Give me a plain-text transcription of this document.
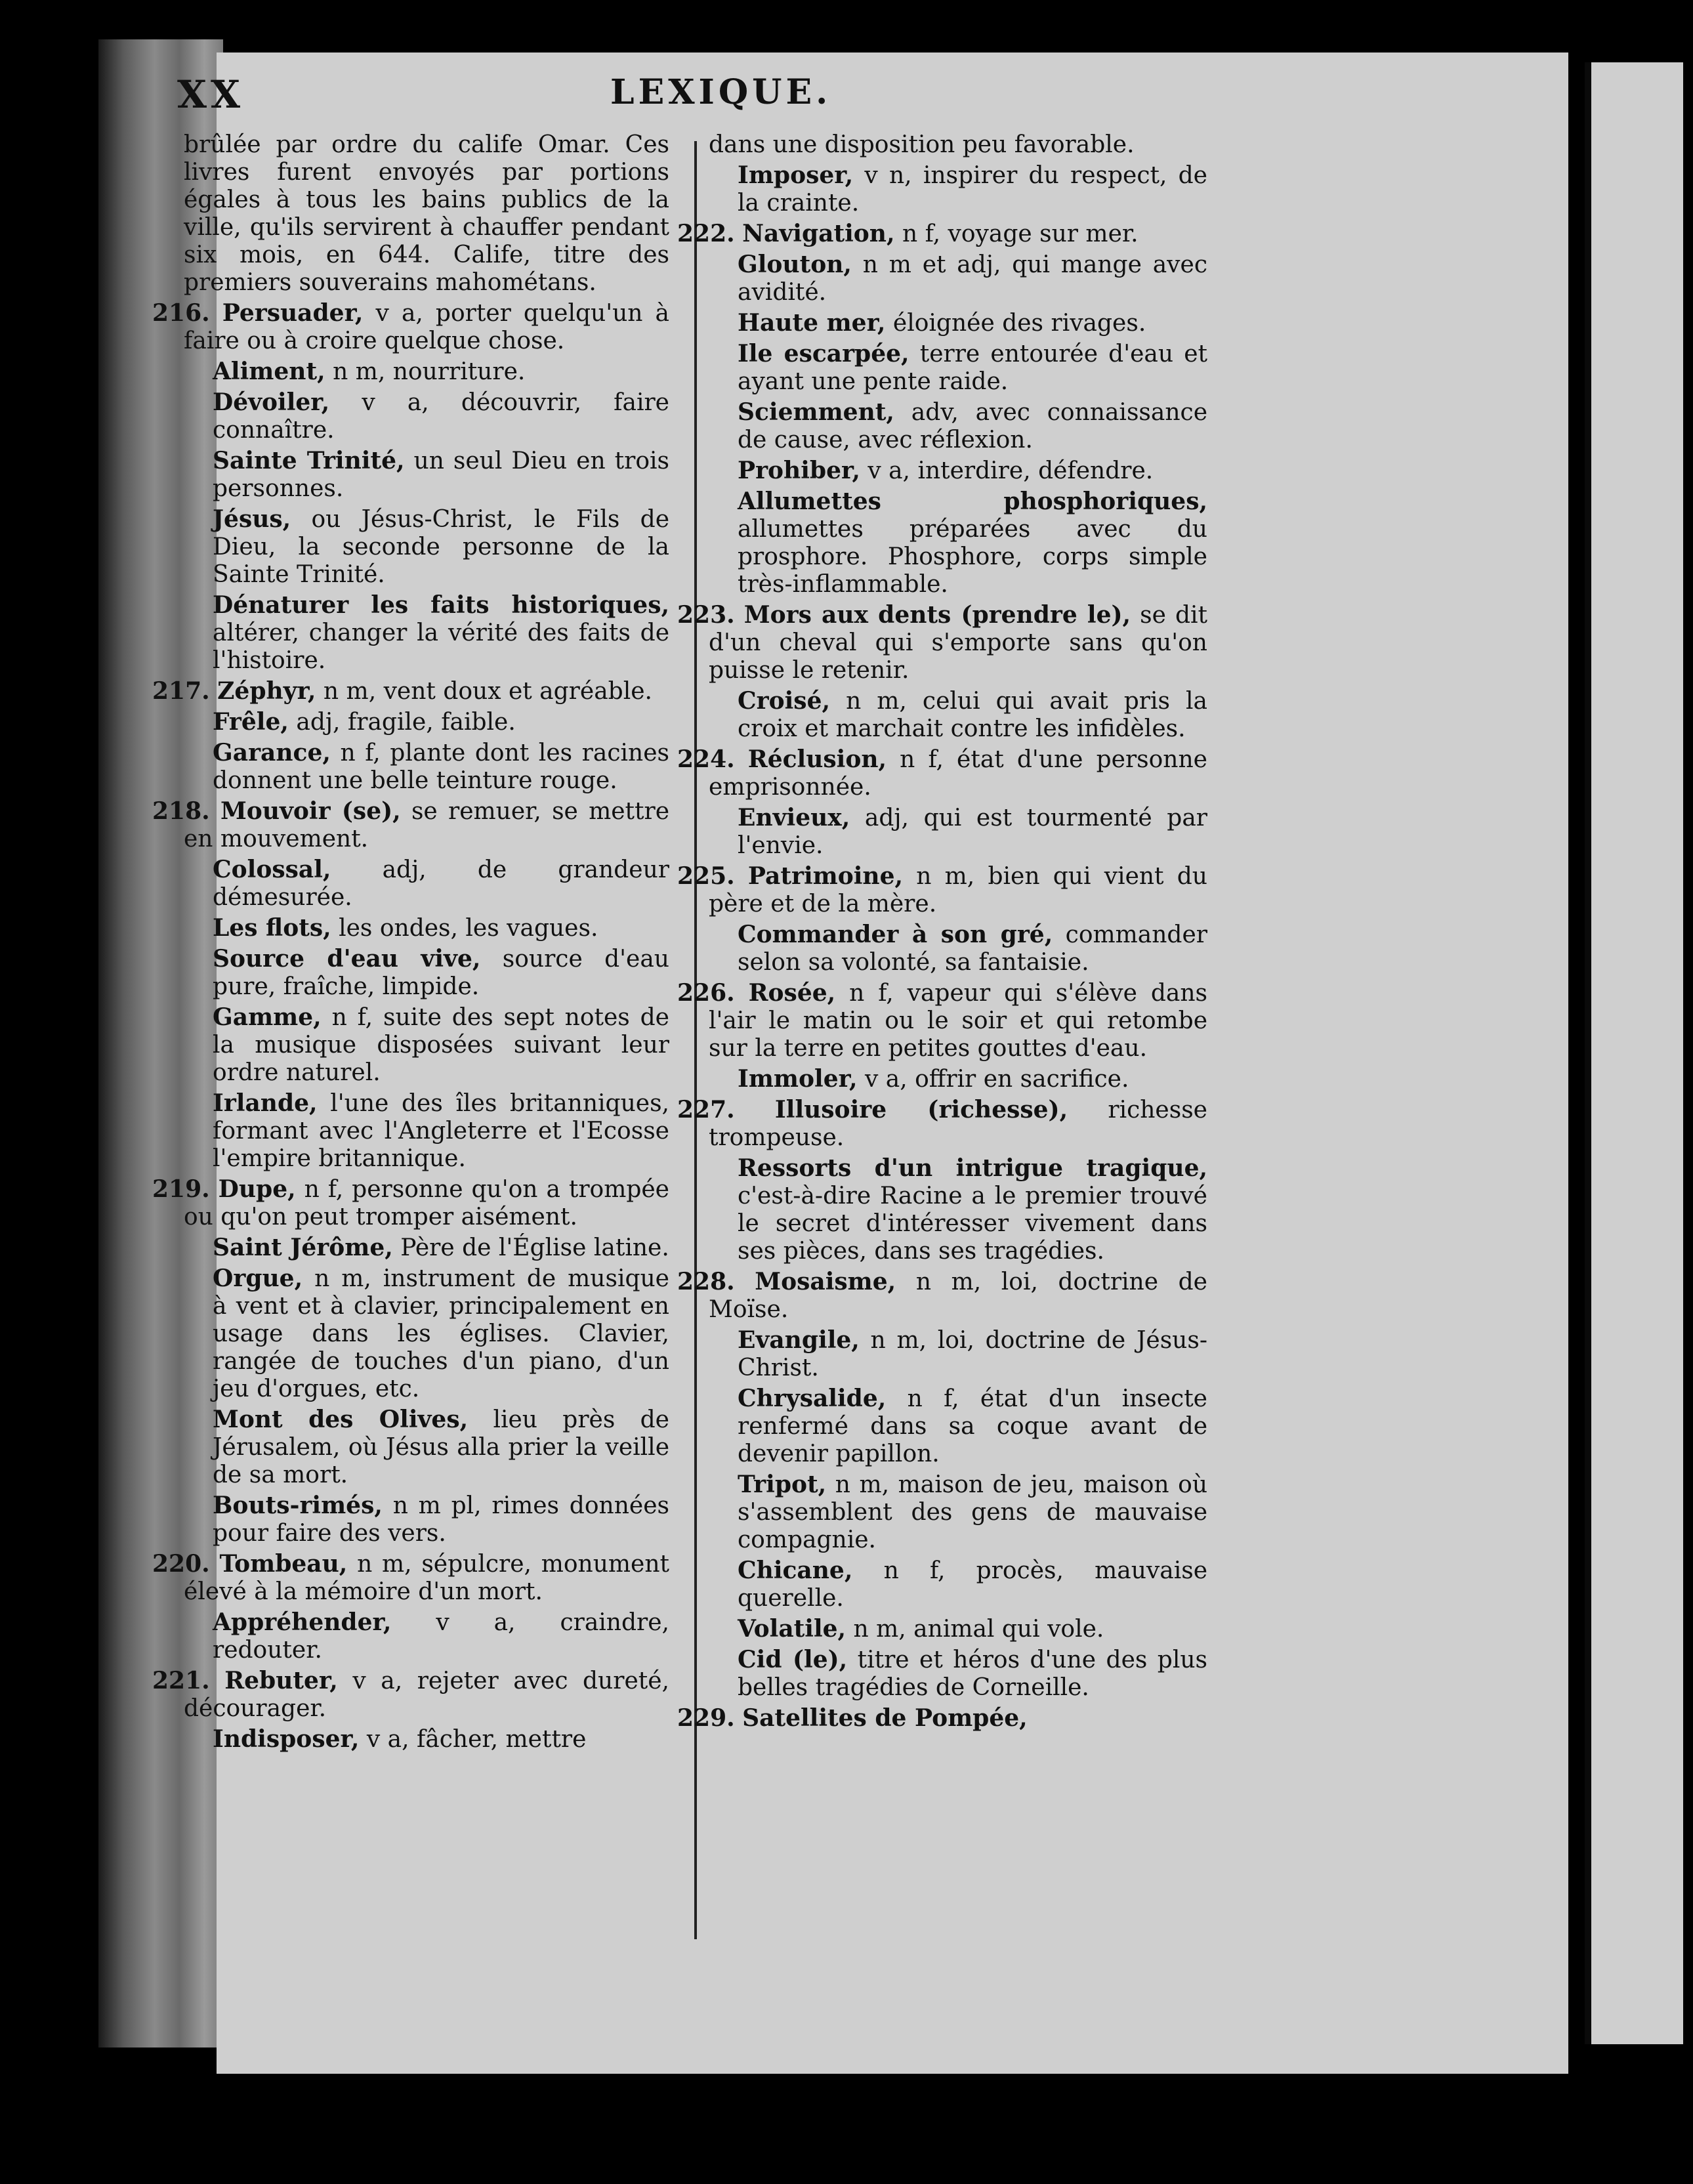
XX	LEXIQUE.
brûlée par ordre du calife Omar. Ces livres furent envoyés par portions égales à tous les bains publics de la ville, qu'ils servirent à chauffer pendant six mois, en 644. Calife, titre des premiers souverains mahométans.
216. Persuader, v a, porter quelqu'un à faire ou à croire quelque chose.
Aliment, n m, nourriture.
Dévoiler, v a, découvrir, faire connaître.
Sainte Trinité, un seul Dieu en trois personnes.
Jésus, ou Jésus-Christ, le Fils de Dieu, la seconde personne de la Sainte Trinité.
Dénaturer les faits historiques, altérer, changer la vérité des faits de l'histoire.
217. Zéphyr, n m, vent doux et agréable.
Frêle, adj, fragile, faible.
Garance, n f, plante dont les racines donnent une belle teinture rouge.
218. Mouvoir (se), se remuer, se mettre en mouvement.
Colossal, adj, de grandeur démesurée.
Les flots, les ondes, les vagues.
Source d'eau vive, source d'eau pure, fraîche, limpide.
Gamme, n f, suite des sept notes de la musique disposées suivant leur ordre naturel.
Irlande, l'une des îles britanniques, formant avec l'Angleterre et l'Ecosse l'empire britannique.
219. Dupe, n f, personne qu'on a trompée ou qu'on peut tromper aisément.
Saint Jérôme, Père de l'Église latine.
Orgue, n m, instrument de musique à vent et à clavier, principalement en usage dans les églises. Clavier, rangée de touches d'un piano, d'un jeu d'orgues, etc.
Mont des Olives, lieu près de Jérusalem, où Jésus alla prier la veille de sa mort.
Bouts-rimés, n m pl, rimes données pour faire des vers.
220. Tombeau, n m, sépulcre, monument élevé à la mémoire d'un mort.
Appréhender, v a, craindre, redouter.
221. Rebuter, v a, rejeter avec dureté, décourager.
Indisposer, v a, fâcher, mettre
dans une disposition peu favorable.
Imposer, v n, inspirer du respect, de la crainte.
222. Navigation, n f, voyage sur mer.
Glouton, n m et adj, qui mange avec avidité.
Haute mer, éloignée des rivages.
Ile escarpée, terre entourée d'eau et ayant une pente raide.
Sciemment, adv, avec connaissance de cause, avec réflexion.
Prohiber, v a, interdire, défendre.
Allumettes phosphoriques, allumettes préparées avec du prosphore. Phosphore, corps simple très-inflammable.
223. Mors aux dents (prendre le), se dit d'un cheval qui s'emporte sans qu'on puisse le retenir.
Croisé, n m, celui qui avait pris la croix et marchait contre les infidèles.
224. Réclusion, n f, état d'une personne emprisonnée.
Envieux, adj, qui est tourmenté par l'envie.
225. Patrimoine, n m, bien qui vient du père et de la mère.
Commander à son gré, commander selon sa volonté, sa fantaisie.
226. Rosée, n f, vapeur qui s'élève dans l'air le matin ou le soir et qui retombe sur la terre en petites gouttes d'eau.
Immoler, v a, offrir en sacrifice.
227. Illusoire (richesse), richesse trompeuse.
Ressorts d'un intrigue tragique, c'est-à-dire Racine a le premier trouvé le secret d'intéresser vivement dans ses pièces, dans ses tragédies.
228. Mosaisme, n m, loi, doctrine de Moïse.
Evangile, n m, loi, doctrine de Jésus-Christ.
Chrysalide, n f, état d'un insecte renfermé dans sa coque avant de devenir papillon.
Tripot, n m, maison de jeu, maison où s'assemblent des gens de mauvaise compagnie.
Chicane, n f, procès, mauvaise querelle.
Volatile, n m, animal qui vole.
Cid (le), titre et héros d'une des plus belles tragédies de Corneille.
229. Satellites de Pompée,
